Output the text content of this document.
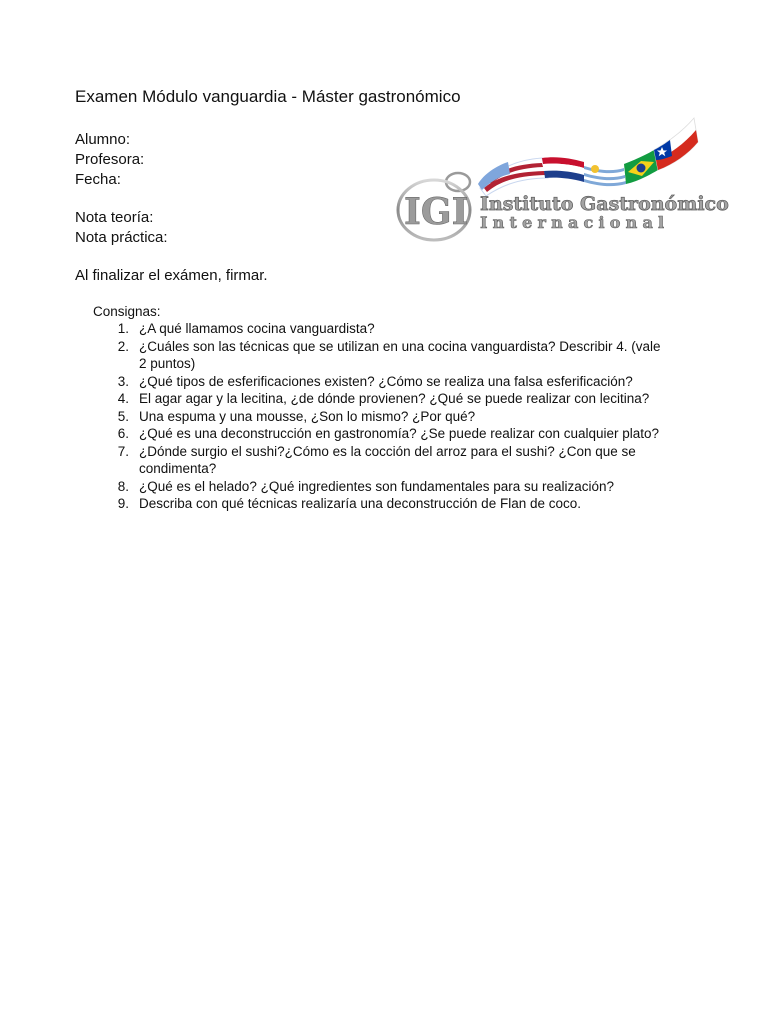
Examen Módulo vanguardia - Máster gastronómico
Alumno:
Profesora:
Fecha:
Nota teoría:
Nota práctica:
Al finalizar el exámen, firmar.
IGI Instituto Gastronómico
Internacional
Consignas:
1. ¿A qué llamamos cocina vanguardista?
2. ¿Cuáles son las técnicas que se utilizan en una cocina vanguardista? Describir 4. (vale 2 puntos)
3. ¿Qué tipos de esferificaciones existen? ¿Cómo se realiza una falsa esferificación?
4. El agar agar y la lecitina, ¿de dónde provienen? ¿Qué se puede realizar con lecitina?
5. Una espuma y una mousse, ¿Son lo mismo? ¿Por qué?
6. ¿Qué es una deconstrucción en gastronomía? ¿Se puede realizar con cualquier plato?
7. ¿Dónde surgio el sushi?¿Cómo es la cocción del arroz para el sushi? ¿Con que se condimenta?
8. ¿Qué es el helado? ¿Qué ingredientes son fundamentales para su realización?
9. Describa con qué técnicas realizaría una deconstrucción de Flan de coco.
